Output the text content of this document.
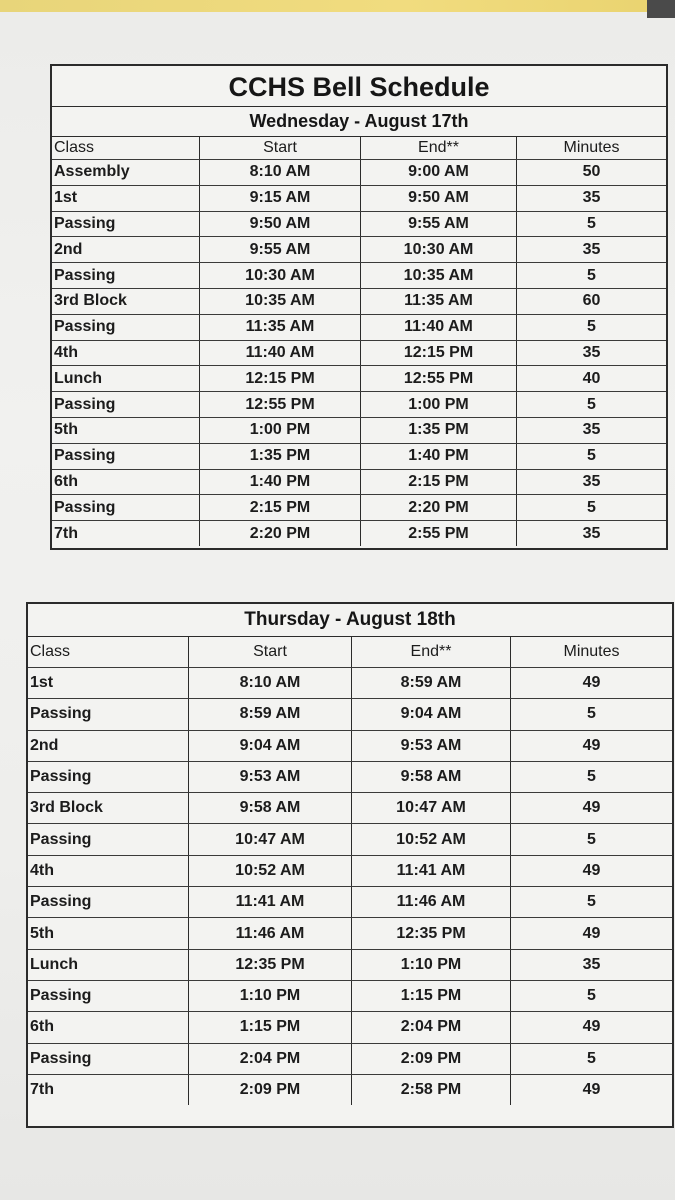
CCHS Bell Schedule
Wednesday - August 17th
Class	Start	End**	Minutes
Assembly	8:10 AM	9:00 AM	50
1st	9:15 AM	9:50 AM	35
Passing	9:50 AM	9:55 AM	5
2nd	9:55 AM	10:30 AM	35
Passing	10:30 AM	10:35 AM	5
3rd Block	10:35 AM	11:35 AM	60
Passing	11:35 AM	11:40 AM	5
4th	11:40 AM	12:15 PM	35
Lunch	12:15 PM	12:55 PM	40
Passing	12:55 PM	1:00 PM	5
5th	1:00 PM	1:35 PM	35
Passing	1:35 PM	1:40 PM	5
6th	1:40 PM	2:15 PM	35
Passing	2:15 PM	2:20 PM	5
7th	2:20 PM	2:55 PM	35
Thursday - August 18th
Class	Start	End**	Minutes
1st	8:10 AM	8:59 AM	49
Passing	8:59 AM	9:04 AM	5
2nd	9:04 AM	9:53 AM	49
Passing	9:53 AM	9:58 AM	5
3rd Block	9:58 AM	10:47 AM	49
Passing	10:47 AM	10:52 AM	5
4th	10:52 AM	11:41 AM	49
Passing	11:41 AM	11:46 AM	5
5th	11:46 AM	12:35 PM	49
Lunch	12:35 PM	1:10 PM	35
Passing	1:10 PM	1:15 PM	5
6th	1:15 PM	2:04 PM	49
Passing	2:04 PM	2:09 PM	5
7th	2:09 PM	2:58 PM	49
